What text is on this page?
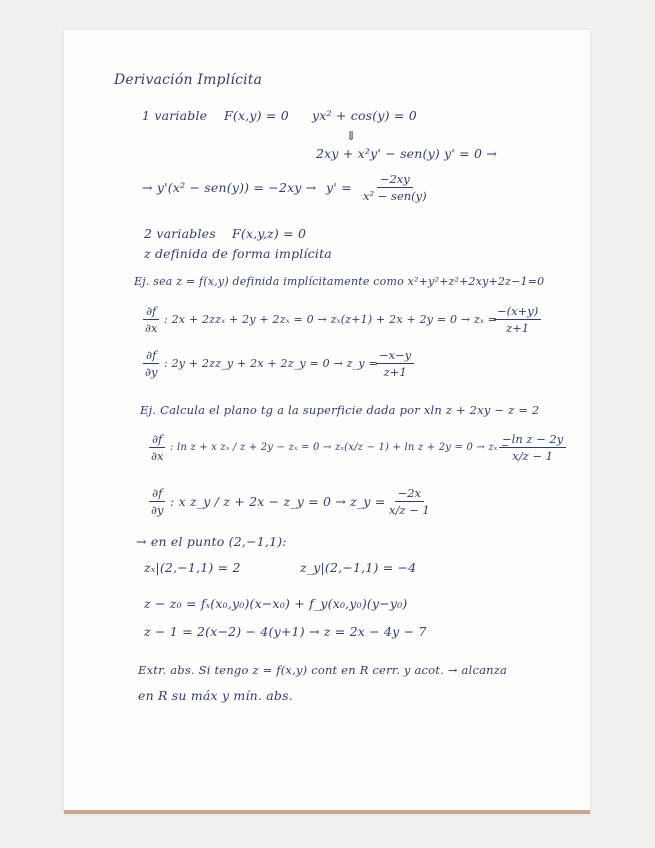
Derivación Implícita
1 variable F(x,y) = 0 yx² + cos(y) = 0
⇓
2xy + x²y' − sen(y) y' = 0 →
→ y'(x² − sen(y)) = −2xy → y' =
−2xy
x² − sen(y)
2 variables F(x,y,z) = 0
z definida de forma implícita
Ej. sea z = f(x,y) definida implícitamente como x²+y²+z²+2xy+2z−1=0
$\frac{\partial f}{\partial x}$ : 2x + 2zzₓ + 2y + 2zₓ = 0 → zₓ(z+1) + 2x + 2y = 0 → zₓ =
$\frac{-(x+y)}{z+1}$
$\frac{\partial f}{\partial y}$ : 2y + 2zz_y + 2x + 2z_y = 0 → z_y =
$\frac{-x-y}{z+1}$
Ej. Calcula el plano tg a la superficie dada por xln z + 2xy − z = 2
$\frac{\partial f}{\partial x}$ : ln z + x zₓ / z + 2y − zₓ = 0 → zₓ(x/z − 1) + ln z + 2y = 0 → zₓ =
$\frac{\text{−ln z − 2y}}{x/z - 1}$
$\frac{\partial f}{\partial y}$ : x z_y / z + 2x − z_y = 0 → z_y = $\frac{-2x}{x/z - 1}$
→ en el punto (2,−1,1):
zₓ|(2,−1,1) = 2	z_y|(2,−1,1) = −4
z − z₀ = fₓ(x₀,y₀)(x−x₀) + f_y(x₀,y₀)(y−y₀)
z − 1 = 2(x−2) − 4(y+1) → z = 2x − 4y − 7
Extr. abs. Si tengo z = f(x,y) cont en R cerr. y acot. → alcanza
en R su máx y mín. abs.
